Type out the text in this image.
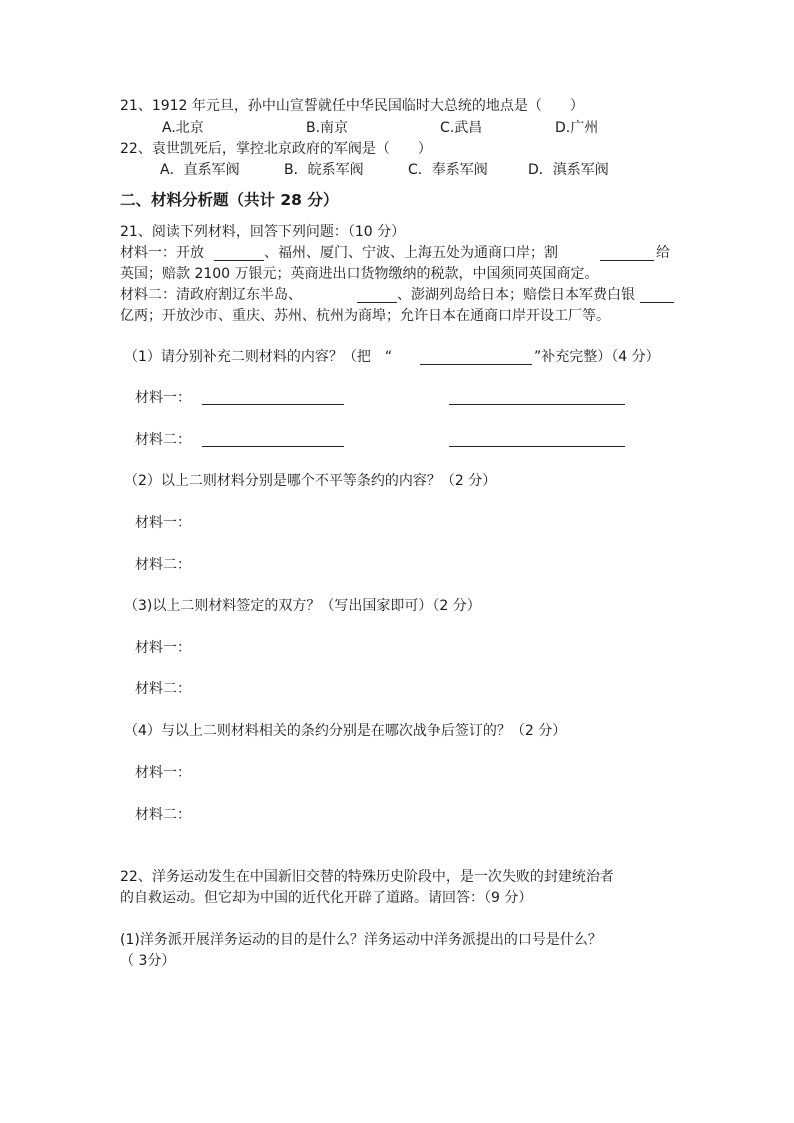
21、1912 年元旦，孙中山宣誓就任中华民国临时大总统的地点是（　　）
A.北京	B.南京	C.武昌	D.广州
22、袁世凯死后，掌控北京政府的军阀是（　　）
A．直系军阀	B．皖系军阀	C．奉系军阀	D．滇系军阀
二、材料分析题（共计 28 分）
21、阅读下列材料，回答下列问题：（10 分）
材料一：开放	、福州、厦门、宁波、上海五处为通商口岸；割	给
英国；赔款 2100 万银元；英商进出口货物缴纳的税款，中国须同英国商定。
材料二：清政府割辽东半岛、	、澎湖列岛给日本；赔偿日本军费白银
亿两；开放沙市、重庆、苏州、杭州为商埠；允许日本在通商口岸开设工厂等。
（1）请分别补充二则材料的内容？（把　“	”补充完整）（4 分）
材料一：
材料二：
（2）以上二则材料分别是哪个不平等条约的内容？（2 分）
材料一：
材料二：
（3)以上二则材料签定的双方？（写出国家即可）（2 分）
材料一：
材料二：
（4）与以上二则材料相关的条约分别是在哪次战争后签订的？（2 分）
材料一：
材料二：
22、洋务运动发生在中国新旧交替的特殊历史阶段中，是一次失败的封建统治者
的自救运动。但它却为中国的近代化开辟了道路。请回答：（9 分）
(1)洋务派开展洋务运动的目的是什么？洋务运动中洋务派提出的口号是什么？
（ 3分）
